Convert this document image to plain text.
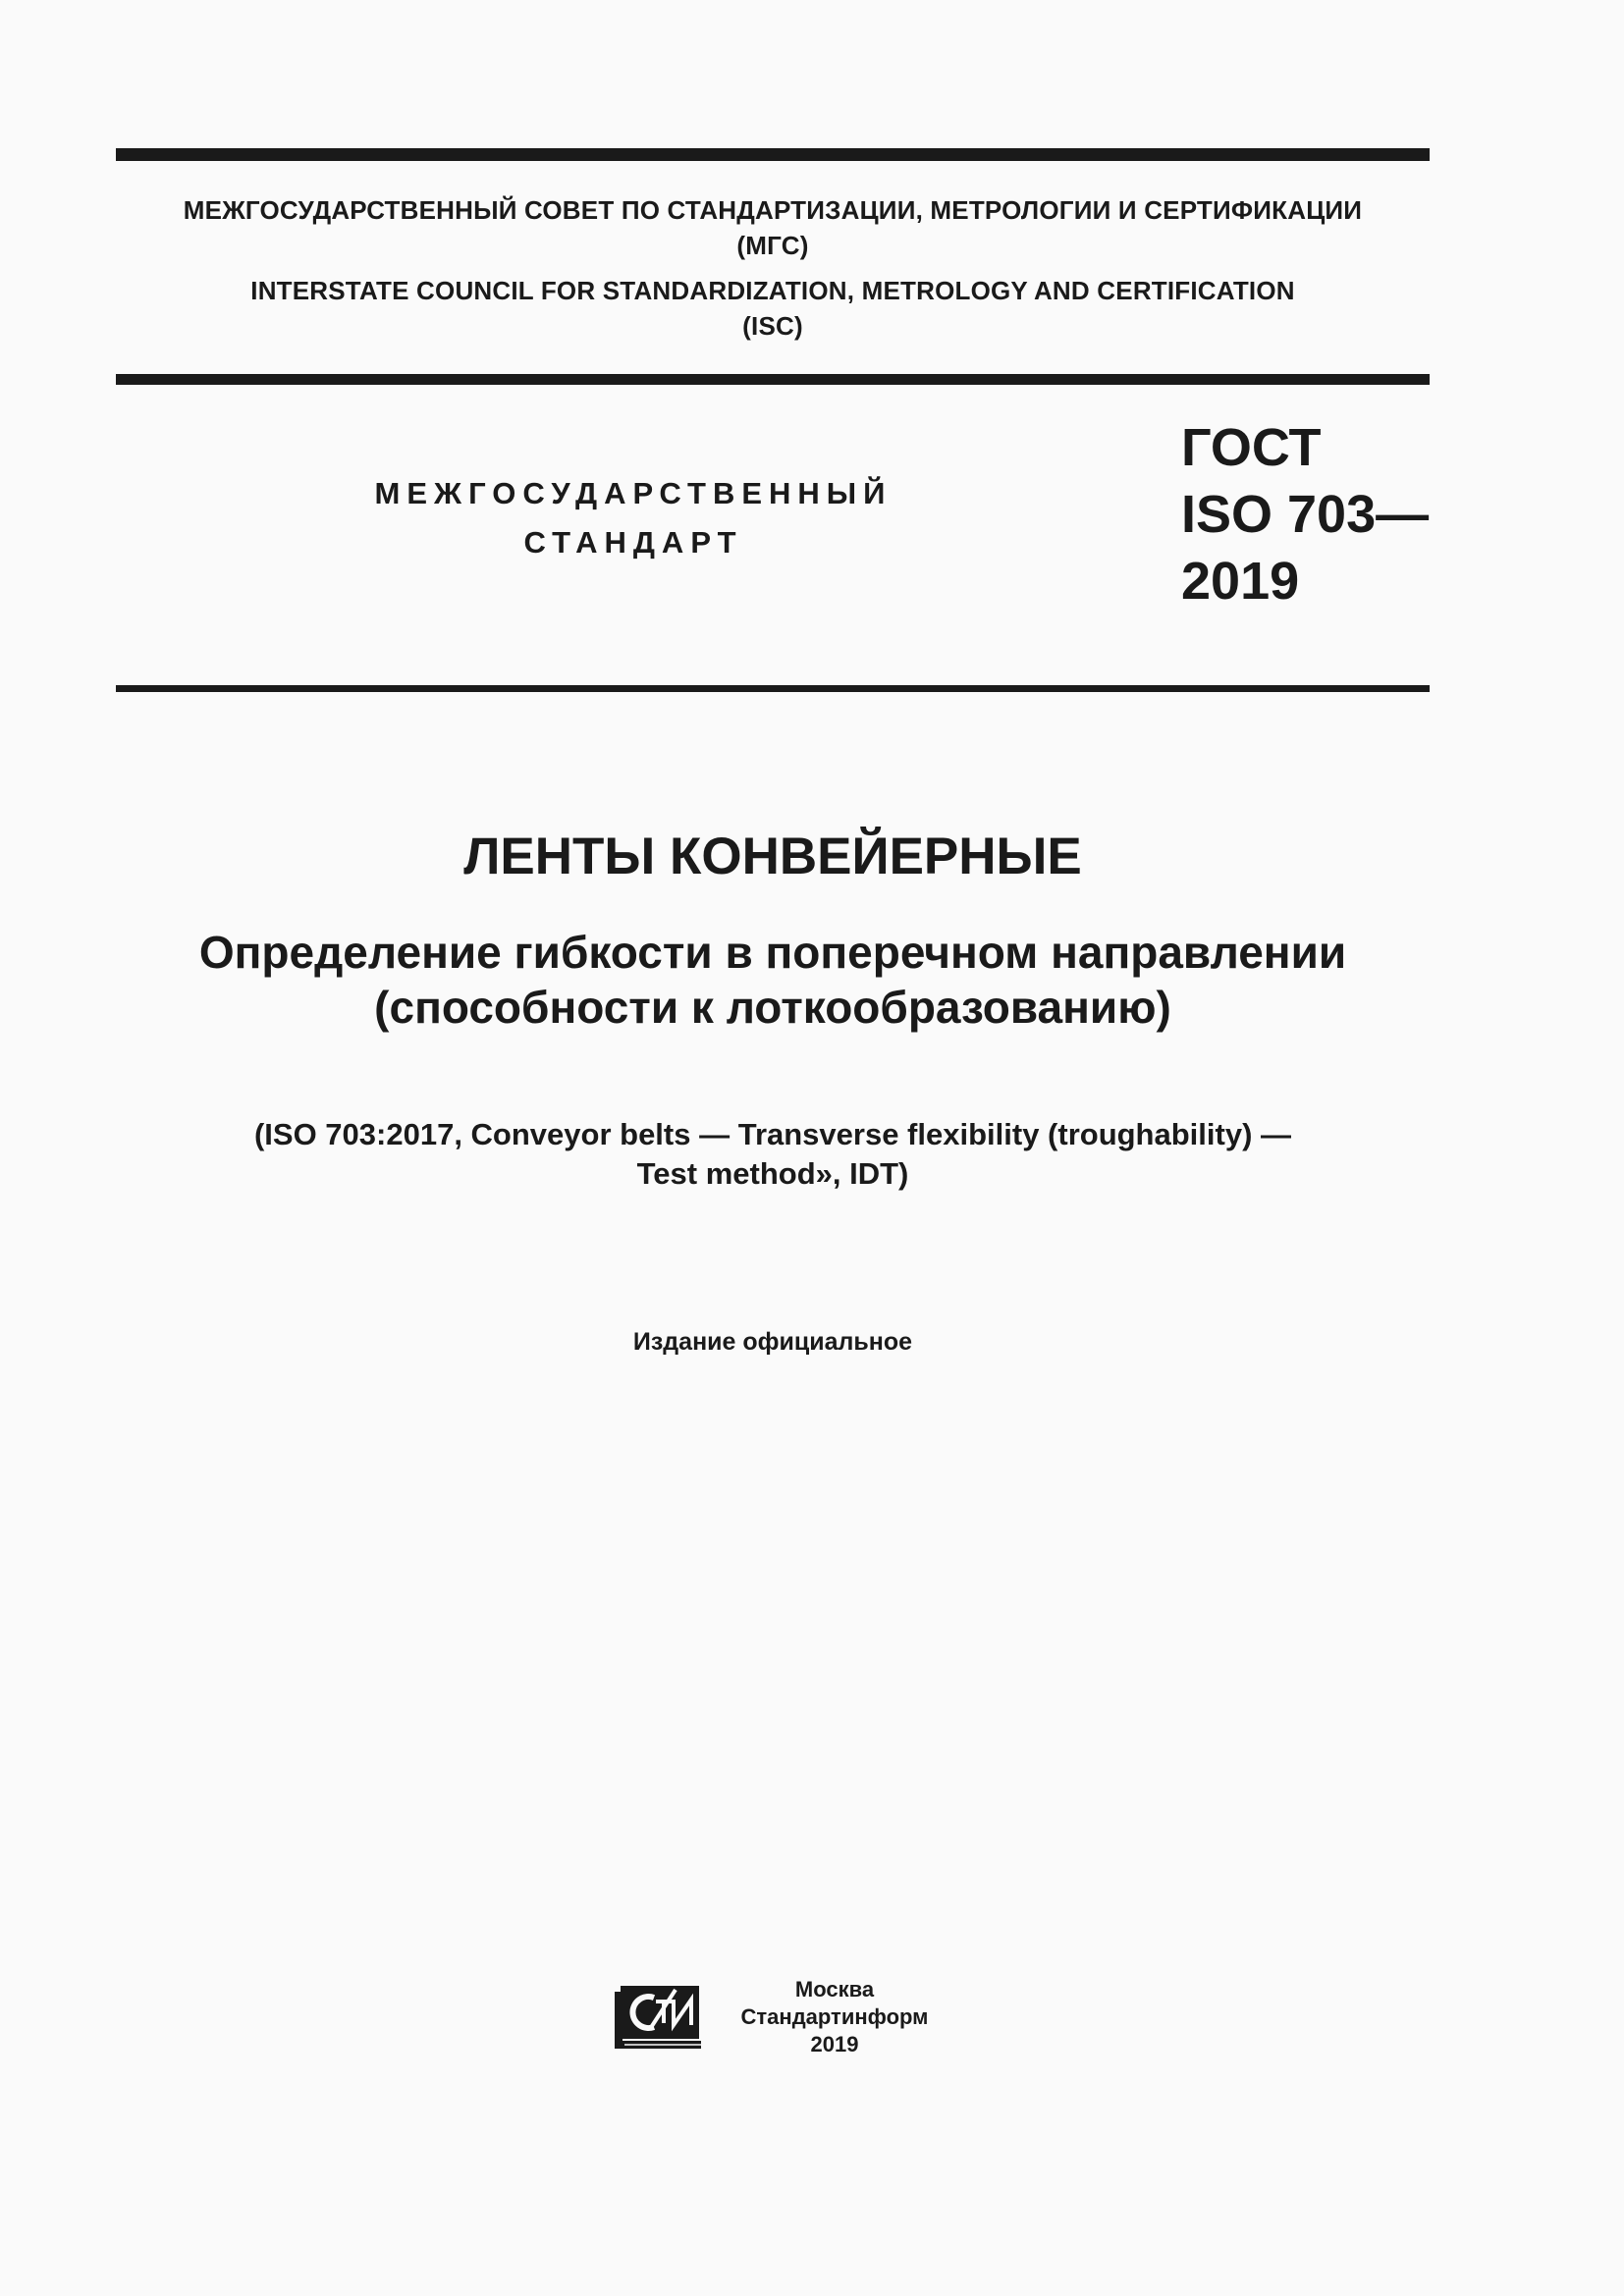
МЕЖГОСУДАРСТВЕННЫЙ СОВЕТ ПО СТАНДАРТИЗАЦИИ, МЕТРОЛОГИИ И СЕРТИФИКАЦИИ
(МГС)
INTERSTATE COUNCIL FOR STANDARDIZATION, METROLOGY AND CERTIFICATION
(ISC)
МЕЖГОСУДАРСТВЕННЫЙ
СТАНДАРТ
ГОСТ
ISO 703—
2019
ЛЕНТЫ КОНВЕЙЕРНЫЕ
Определение гибкости в поперечном направлении
(способности к лоткообразованию)
(ISO 703:2017, Conveyor belts — Transverse flexibility (troughability) —
Test method», IDT)
Издание официальное
Москва
Стандартинформ
2019
